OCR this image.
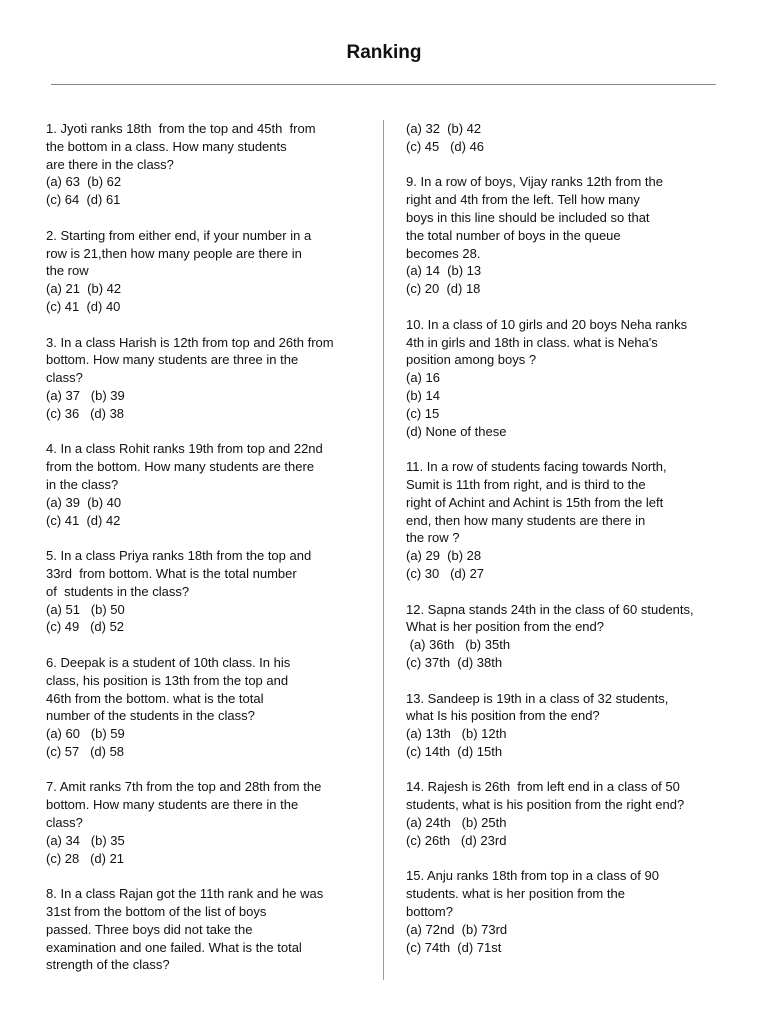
Ranking
1. Jyoti ranks 18th  from the top and 45th  from
the bottom in a class. How many students
are there in the class?
(a) 63  (b) 62
(c) 64  (d) 61
2. Starting from either end, if your number in a
row is 21,then how many people are there in
the row
(a) 21  (b) 42
(c) 41  (d) 40
3. In a class Harish is 12th from top and 26th from
bottom. How many students are three in the
class?
(a) 37   (b) 39
(c) 36   (d) 38
4. In a class Rohit ranks 19th from top and 22nd
from the bottom. How many students are there
in the class?
(a) 39  (b) 40
(c) 41  (d) 42
5. In a class Priya ranks 18th from the top and
33rd  from bottom. What is the total number
of  students in the class?
(a) 51   (b) 50
(c) 49   (d) 52
6. Deepak is a student of 10th class. In his
class, his position is 13th from the top and
46th from the bottom. what is the total
number of the students in the class?
(a) 60   (b) 59
(c) 57   (d) 58
7. Amit ranks 7th from the top and 28th from the
bottom. How many students are there in the
class?
(a) 34   (b) 35
(c) 28   (d) 21
8. In a class Rajan got the 11th rank and he was
31st from the bottom of the list of boys
passed. Three boys did not take the
examination and one failed. What is the total
strength of the class?
(a) 32  (b) 42
(c) 45   (d) 46
9. In a row of boys, Vijay ranks 12th from the
right and 4th from the left. Tell how many
boys in this line should be included so that
the total number of boys in the queue
becomes 28.
(a) 14  (b) 13
(c) 20  (d) 18
10. In a class of 10 girls and 20 boys Neha ranks
4th in girls and 18th in class. what is Neha's
position among boys ?
(a) 16
(b) 14
(c) 15
(d) None of these
11. In a row of students facing towards North,
Sumit is 11th from right, and is third to the
right of Achint and Achint is 15th from the left
end, then how many students are there in
the row ?
(a) 29  (b) 28
(c) 30   (d) 27
12. Sapna stands 24th in the class of 60 students,
What is her position from the end?
(a) 36th   (b) 35th
(c) 37th  (d) 38th
13. Sandeep is 19th in a class of 32 students,
what Is his position from the end?
(a) 13th   (b) 12th
(c) 14th  (d) 15th
14. Rajesh is 26th  from left end in a class of 50
students, what is his position from the right end?
(a) 24th   (b) 25th
(c) 26th   (d) 23rd
15. Anju ranks 18th from top in a class of 90
students. what is her position from the
bottom?
(a) 72nd  (b) 73rd
(c) 74th  (d) 71st
